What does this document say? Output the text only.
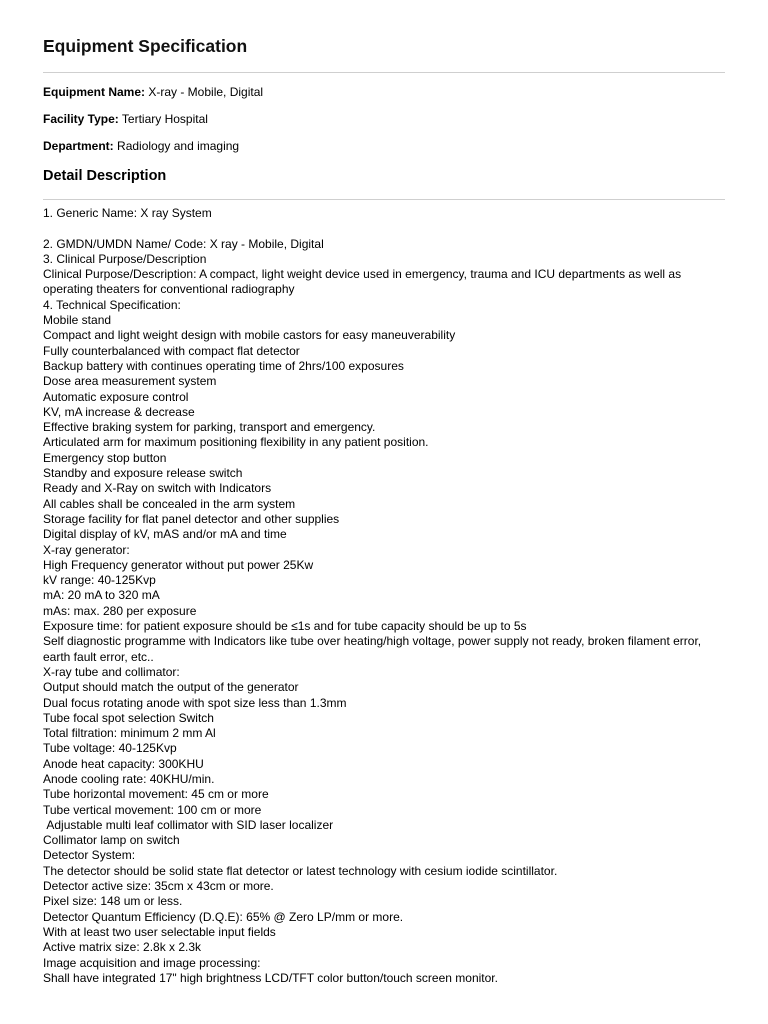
Equipment Specification

Equipment Name: X-ray - Mobile, Digital

Facility Type: Tertiary Hospital

Department: Radiology and imaging

Detail Description
1. Generic Name: X ray System
2. GMDN/UMDN Name/ Code: X ray - Mobile, Digital
3. Clinical Purpose/Description
Clinical Purpose/Description: A compact, light weight device used in emergency, trauma and ICU departments as well as operating theaters for conventional radiography
4. Technical Specification:
Mobile stand
Compact and light weight design with mobile castors for easy maneuverability
Fully counterbalanced with compact flat detector
Backup battery with continues operating time of 2hrs/100 exposures
Dose area measurement system
Automatic exposure control
KV, mA increase & decrease
Effective braking system for parking, transport and emergency.
Articulated arm for maximum positioning flexibility in any patient position.
Emergency stop button
Standby and exposure release switch
Ready and X-Ray on switch with Indicators
All cables shall be concealed in the arm system
Storage facility for flat panel detector and other supplies
Digital display of kV, mAS and/or mA and time
X-ray generator:
High Frequency generator without put power 25Kw
kV range: 40-125Kvp
mA: 20 mA to 320 mA
mAs: max. 280 per exposure
Exposure time: for patient exposure should be ≤1s and for tube capacity should be up to 5s
Self diagnostic programme with Indicators like tube over heating/high voltage, power supply not ready, broken filament error, earth fault error, etc..
X-ray tube and collimator:
Output should match the output of the generator
Dual focus rotating anode with spot size less than 1.3mm
Tube focal spot selection Switch
Total filtration: minimum 2 mm Al
Tube voltage: 40-125Kvp
Anode heat capacity: 300KHU
Anode cooling rate: 40KHU/min.
Tube horizontal movement: 45 cm or more
Tube vertical movement: 100 cm or more
Adjustable multi leaf collimator with SID laser localizer
Collimator lamp on switch
Detector System:
The detector should be solid state flat detector or latest technology with cesium iodide scintillator.
Detector active size: 35cm x 43cm or more.
Pixel size: 148 um or less.
Detector Quantum Efficiency (D.Q.E): 65% @ Zero LP/mm or more.
With at least two user selectable input fields
Active matrix size: 2.8k x 2.3k
Image acquisition and image processing:
Shall have integrated 17" high brightness LCD/TFT color button/touch screen monitor.
